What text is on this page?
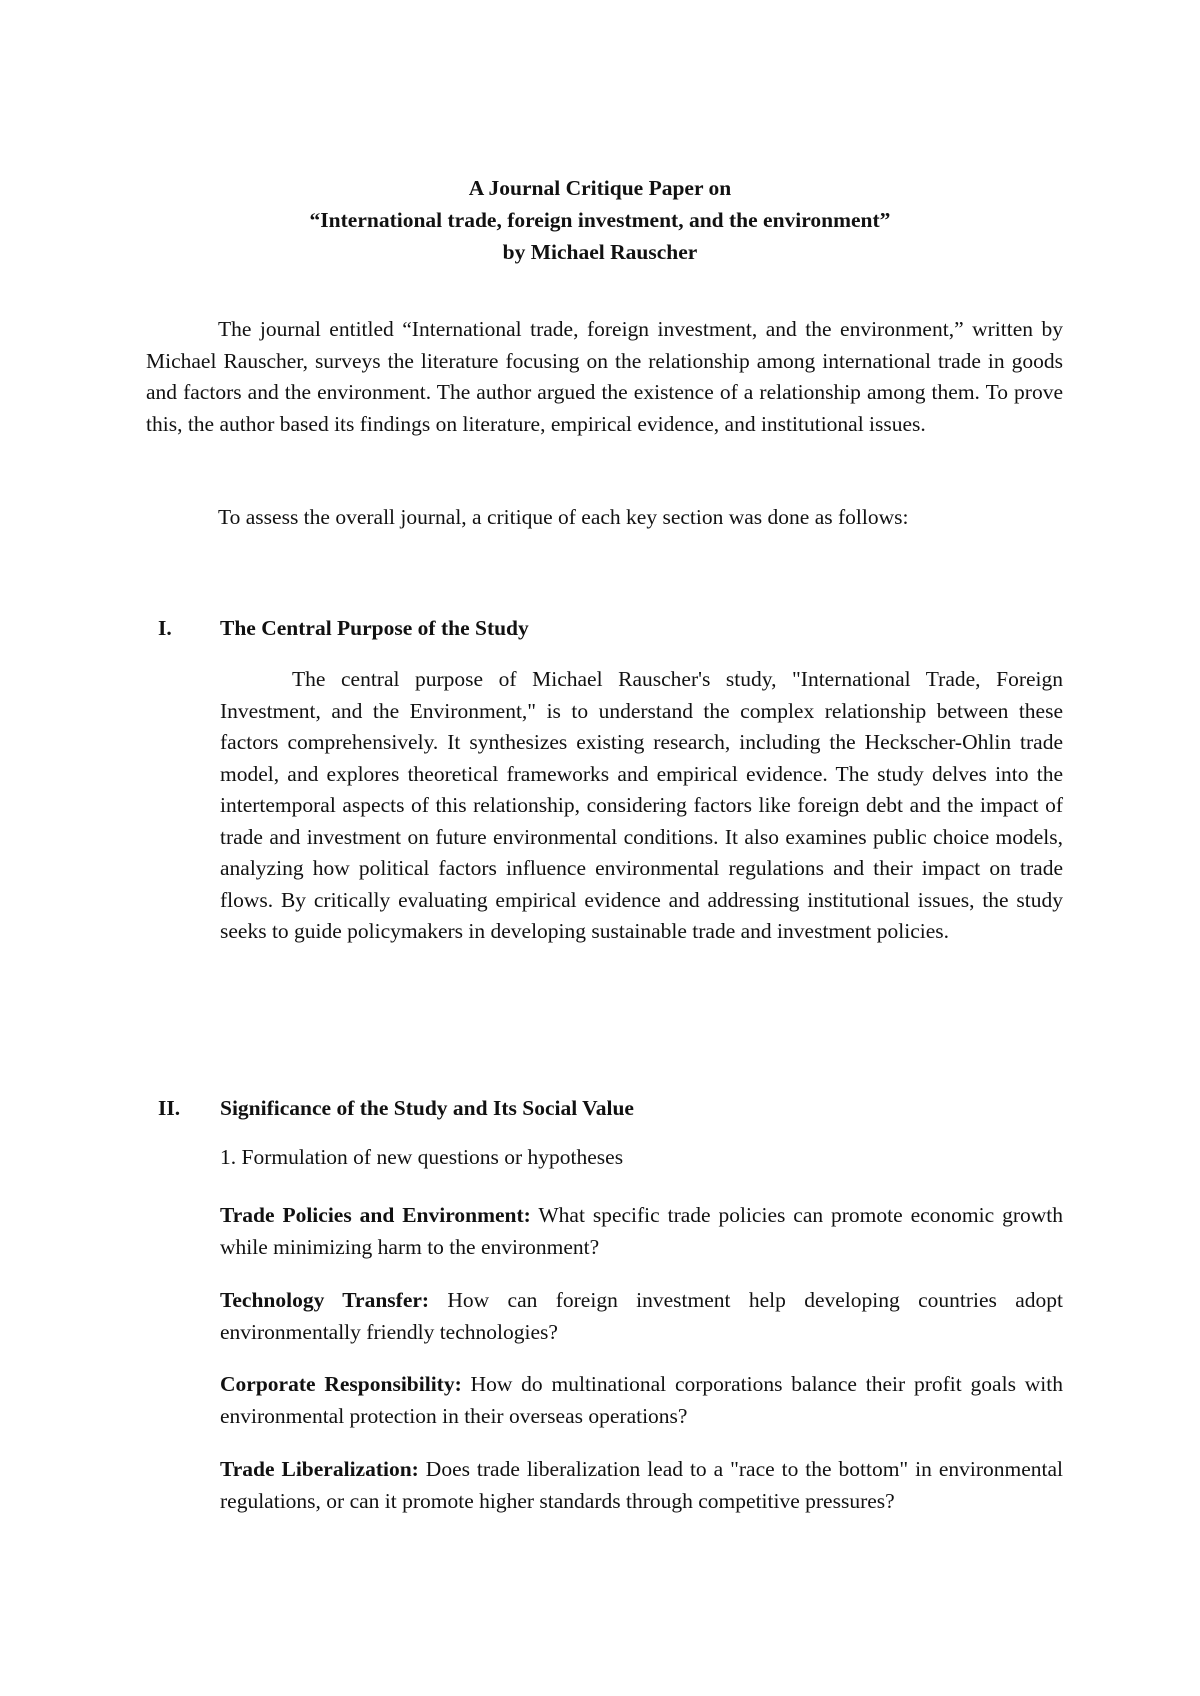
A Journal Critique Paper on
“International trade, foreign investment, and the environment”
by Michael Rauscher

The journal entitled “International trade, foreign investment, and the environment,” written by Michael Rauscher, surveys the literature focusing on the relationship among international trade in goods and factors and the environment. The author argued the existence of a relationship among them. To prove this, the author based its findings on literature, empirical evidence, and institutional issues.

To assess the overall journal, a critique of each key section was done as follows:

I. The Central Purpose of the Study

The central purpose of Michael Rauscher's study, "International Trade, Foreign Investment, and the Environment," is to understand the complex relationship between these factors comprehensively. It synthesizes existing research, including the Heckscher-Ohlin trade model, and explores theoretical frameworks and empirical evidence. The study delves into the intertemporal aspects of this relationship, considering factors like foreign debt and the impact of trade and investment on future environmental conditions. It also examines public choice models, analyzing how political factors influence environmental regulations and their impact on trade flows. By critically evaluating empirical evidence and addressing institutional issues, the study seeks to guide policymakers in developing sustainable trade and investment policies.

II. Significance of the Study and Its Social Value

1. Formulation of new questions or hypotheses

Trade Policies and Environment: What specific trade policies can promote economic growth while minimizing harm to the environment?

Technology Transfer: How can foreign investment help developing countries adopt environmentally friendly technologies?

Corporate Responsibility: How do multinational corporations balance their profit goals with environmental protection in their overseas operations?

Trade Liberalization: Does trade liberalization lead to a "race to the bottom" in environmental regulations, or can it promote higher standards through competitive pressures?
